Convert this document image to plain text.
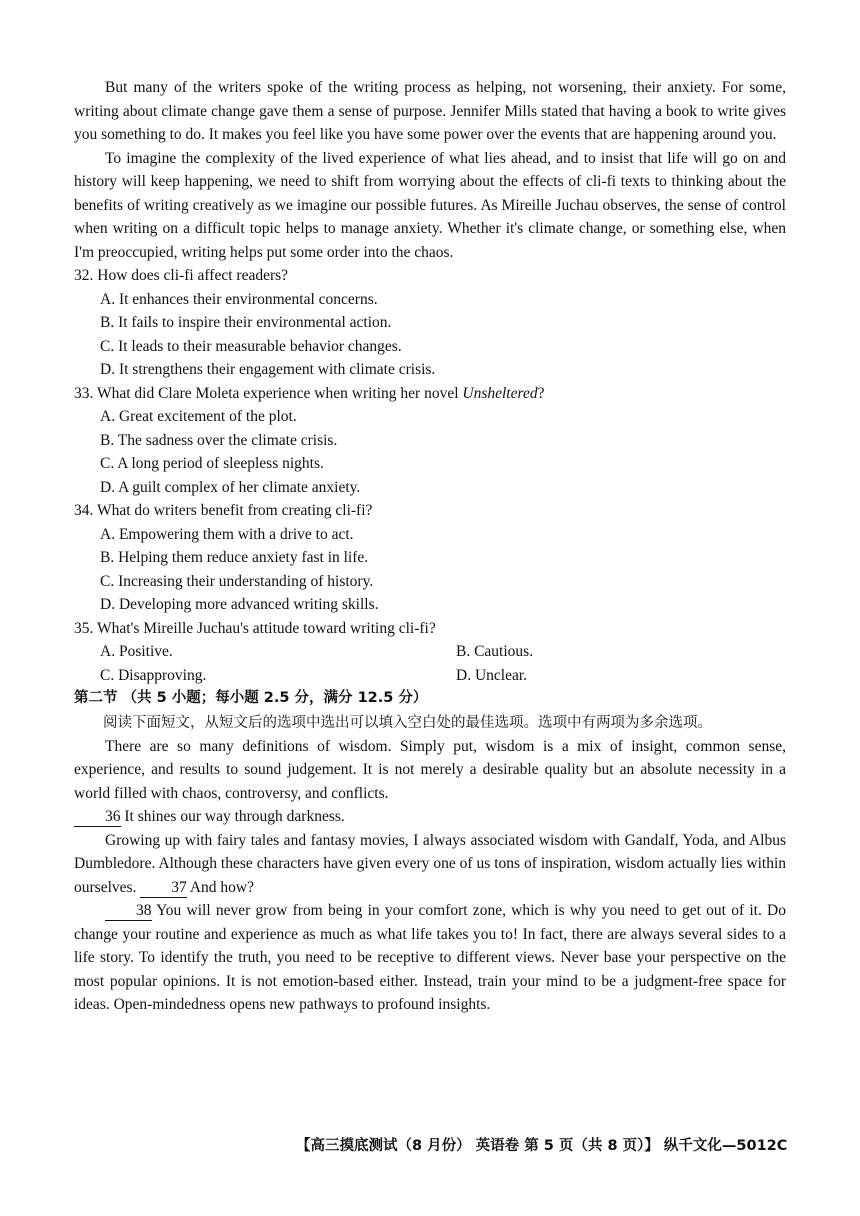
But many of the writers spoke of the writing process as helping, not worsening, their anxiety. For some, writing about climate change gave them a sense of purpose. Jennifer Mills stated that having a book to write gives you something to do. It makes you feel like you have some power over the events that are happening around you.

To imagine the complexity of the lived experience of what lies ahead, and to insist that life will go on and history will keep happening, we need to shift from worrying about the effects of cli-fi texts to thinking about the benefits of writing creatively as we imagine our possible futures. As Mireille Juchau observes, the sense of control when writing on a difficult topic helps to manage anxiety. Whether it's climate change, or something else, when I'm preoccupied, writing helps put some order into the chaos.

32. How does cli-fi affect readers?
A. It enhances their environmental concerns.
B. It fails to inspire their environmental action.
C. It leads to their measurable behavior changes.
D. It strengthens their engagement with climate crisis.
33. What did Clare Moleta experience when writing her novel Unsheltered?
A. Great excitement of the plot.
B. The sadness over the climate crisis.
C. A long period of sleepless nights.
D. A guilt complex of her climate anxiety.
34. What do writers benefit from creating cli-fi?
A. Empowering them with a drive to act.
B. Helping them reduce anxiety fast in life.
C. Increasing their understanding of history.
D. Developing more advanced writing skills.
35. What's Mireille Juchau's attitude toward writing cli-fi?
A. Positive.	B. Cautious.
C. Disapproving.	D. Unclear.
第二节 （共 5 小题；每小题 2.5 分，满分 12.5 分）
阅读下面短文，从短文后的选项中选出可以填入空白处的最佳选项。选项中有两项为多余选项。

There are so many definitions of wisdom. Simply put, wisdom is a mix of insight, common sense, experience, and results to sound judgement. It is not merely a desirable quality but an absolute necessity in a world filled with chaos, controversy, and conflicts.
36 It shines our way through darkness.

Growing up with fairy tales and fantasy movies, I always associated wisdom with Gandalf, Yoda, and Albus Dumbledore. Although these characters have given every one of us tons of inspiration, wisdom actually lies within ourselves. 37 And how?

38 You will never grow from being in your comfort zone, which is why you need to get out of it. Do change your routine and experience as much as what life takes you to! In fact, there are always several sides to a life story. To identify the truth, you need to be receptive to different views. Never base your perspective on the most popular opinions. It is not emotion-based either. Instead, train your mind to be a judgment-free space for ideas. Open-mindedness opens new pathways to profound insights.

【高三摸底测试（8 月份） 英语卷 第 5 页（共 8 页）】 纵千文化—5012C
